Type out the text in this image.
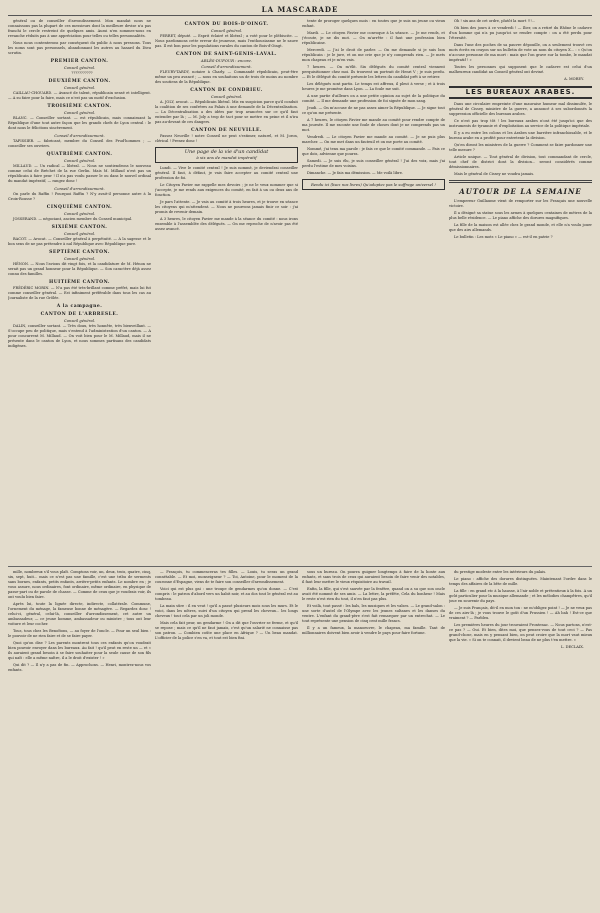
LA MASCARADE

général ou de conseiller d'arrondissement. Mon mandat nous ne connaissons pas la plupart de ces messieurs dont la meilleure devise n'a pas franchi le cercle restreint de quelques amis. Aussi n'en sommes-nous en revanche réduits pas à une appréciation pour telles ou telles personnalités.

Nous nous contenterons par conséquent du public à nous pressons. Tous les noms sont pas personnels, abandonnant les autres au hasard du Dieu scrutin.

PREMIER CANTON.
Conseil général.

???????????

DEUXIÈME CANTON.
Conseil général.

CAILLAU-CHOUARD. — Avancé de talent, républicain sensé et intelligent. — A su faire pour la faire, mais ce n'est pas un motif d'exclusion.

TROISIÈME CANTON.
Conseil général.

BLANC. — Conseiller sortant. — est républicain, mais connaissant la République d'une tout autre façon que les grands chefs de Lyon central : le dont nous le félicitons sincèrement.

Conseil d'arrondissement.

TAPISSIER. — fabricant, membre du Conseil des Prud'hommes ; — conseiller ses ouvriers.

QUATRIÈME CANTON.
Conseil général.

MILLAUD. — Un radical — libéral. — Nous ne soutiendrons le nouveau comme celui de Bréchet de la rue Gerlin. Mais M. Millaud n'est pas un républicain à faire peur ! Il n'a pas voulu passer le ou dans le nouvel ordinal du mandat impératif, — rangez donc !

Conseil d'arrondissement.

On parle du Raffin ! Pourquoi Raffin ? N'y avait-il personne autre à la Croix-Rousse ?

CINQUIÈME CANTON.
Conseil général.

JOSSERAND. — négociant, ancien membre du Conseil municipal.

SIXIÈME CANTON.
Conseil général.

BACOT. — Avocat. — Conseiller général à perpétuité. — A la sagesse et le bon sens de ne pas prétendre à nul République avec République pure.

SEPTIÈME CANTON.
Conseil général.

HÉNON. — Nous l'avions dit vingt fois, et la candidature de M. Hénon ne serait pas un grand honneur pour la République. — Son caractère déjà assez connu des familles.

HUITIÈME CANTON.

FRÉDÉRIC MORIN. — N'a pas été très-brillant comme préfet, mais lui fut comme conseiller général. — Est infiniment préférable dans tous les cas au Journaliste de la rue Grôlée.

A la campagne.
CANTON DE L'ARBRESLE.
Conseil général.

DALIN, conseiller sortant. — Très doux, très honnête, très bienveillant. — S'occupe peu de politique, mais s'entend à l'administration d'un canton. — A pour concurrent M. Millaud. — On voit bien pour le M. Millaud, mais il ne présente dans le canton de Lyon, et nous sommes partisans des candidats indigènes.

CANTON DU BOIS-D'OINGT.
Conseil général.

PERRET, député. — Esprit éclairé et libéral ; a voté pour le plébiscite. — Nous pardonnons cette erreur de jeunesse, mais l'enthousiasme ne le sauve pas. Il est bon pour les populations rurales du canton de Bois-d'Oingt.

CANTON DE SAINT-GENIS-LAVAL.
ARLÈS-DUFOUR : encore.
Conseil d'arrondissement.

FLEURY-TARDY, notaire à Charly. — Commandé républicain, peut-être même un peu avancé ; — nous en souhaitons un de trois de moins au nombre des soutiens de la République.

CANTON DE CONDRIEU.
Conseil général.

A. JOLY, avocat. — Républicain libéral. Mis en suspicion parce qu'il conduit la coalition de ses confrères au Palais à une demande de la Décentralisation. — La Décentralisation a des idées par trop avancées sur ce qu'il faut entendre par là ; — M. Joly a trop de tact pour se mettre en peine et il n'ira pas au-devant de ces dangers.

CANTON DE NEUVILLE.

Passez Neuville ! notre Conseil ne peut s'estimer, naturel, et M. Joron, clérical ! Prenez donc !

Une page de la vie d'un candidat
à six ans de mandat impératif

Lundi. — Vive le comité central ! Je suis nommé, je deviendrai conseiller général. Il faut, à défaut, je vais faire accepter au comité central une profession de foi.

Le Citoyen Favier me rappelle mes devoirs ; je ne le veux nommer que si j'accepte, je me rends aux exigences du comité, en fait à un ou deux ans de fonction.

Je pars l'attente. — Je vais au comité à trois heures, et je trouve en séance les citoyens qui m'attendent. — Nous ne pourrons jamais finir ce soir : j'ai promis de revenir demain.

A 3 heures, le citoyen Favier me mande à la séance du comité : nous irons ensemble à l'assemblée des délégués. — On me reproche de n'avoir pas été assez avancé.

tente de proroger quelques mois : en toutes que je suis un jeune ou vieux enfant.

Mardi. — Le citoyen Favier me convoque à la séance. — Je me rends, et j'écoute, je ne dis mot. — On m'arrête : il faut une profession bien républicaine.

Mercredi. — J'ai le droit de parler. — On me demande si je suis bon républicain : je le jure, et on me crie que je n'y comprends rien. — Je mets mon chapeau et je m'en vais.

7 heures. — On m'élit. Six délégués du comité central viennent perquisitionner chez moi. Ils trouvent un portrait de Henri V ; je suis perdu. — Et le délégué du comité présente les lettres du candidat prêt à se retirer.

Les délégués sont partis. Le temps est affreux, il pleut à verse ; et à trois heures je me promène dans Lyon. — La foule me suit.

A une partie d'ailleurs on a une petite opinion au sujet de la politique du comité. — Il me demande une profession de foi signée de mon sang.

Jeudi. — On m'accuse de ne pas assez aimer la République. — Je signe tout ce qu'on me présente.

A 7 heures, le citoyen Favier me mande au comité pour rendre compte de ma journée. Il me raconte une foule de choses dont je ne comprends pas un mot.

Vendredi. — Le citoyen Favier me mande au comité. — Je ne puis plus marcher. — On me met dans un fauteuil et on me porte au comité.

Nommé, j'ai tenu ma parole : je fais ce que le comité commande. — Fais ce que dois, advienne que pourra.

Samedi. — Je suis élu, je suis conseiller général ! J'ai des voix, mais j'ai perdu l'estime de mes voisins.

Dimanche. — Je fais ma démission. — Me voilà libre.

Rendu ici (lisez nos livres) Qu'adoptez pas le suffrage universel !

Oh ! six ans de cet ordre, plutôt la mort !!!...

Où bien des jours à ce vendredi ! — Ilier, on a retiré du Rhône le cadavre d'un homme qui n'a pu jusqu'ici se rendre compte : on a été perdu pour l'éternité.

Dans l'une des poches de sa pauvre dépouille, on a seulement trouvé ces mots écrits en crayon sur un bulletin de vote au nom du citoyen X... : « Qu'on n'accuse personne de ma mort : mais que l'on grave sur la tombe, le mandat impératif ! »

Toutes les personnes qui supposent que le cadavre est celui d'un malheureux candidat au Conseil général ont deviné.

A. MOREY.
LES BUREAUX ARABES.

Dans une circulaire empreinte d'une mauvaise humeur mal dissimulée, le général de Cissey, ministre de la guerre, a annoncé à ses subordonnés la suppression officielle des bureaux arabes.

Ce n'est pas trop tôt ! les bureaux arabes n'ont été jusqu'ici que des instruments de tyrannie et d'exploitation au service de la politique impériale.

Il y a eu entre les colons et les Arabes une barrière infranchissable, et le bureau arabe en a profité pour entretenir la division.

Qu'en diront les ministres de la guerre ? Comment se faire pardonner une telle mesure ?

Article unique. — Tout général de division, tout commandant de cercle, tout chef de district dont la division... seront considérés comme démissionnaires.

Mais le général de Cissey ne voudra jamais.

AUTOUR DE LA SEMAINE

L'empereur Guillaume vient de remporter sur les Français une nouvelle victoire.

Il a désigné sa statue sous les armes à quelques centaines de mètres de la plus belle résidence. — Le piano affiche des dorures magnifiques.

La fille de la maison est allée chez le grand monde, et elle n'a voulu jouer que des airs allemands.

Le bulletin : Les mots « Le piano » — est-il en patrie ?

mille, nombreux s'il vous plaît. Comptons voir, un, deux, trois, quatre, cinq, six, sept, huit... mais ce n'est pas une famille, c'est une tribu de serments sans bornes, enfants, petits enfants, arrière-petits enfants. Le nombre en ; je vous assure, nous ordinaires, font ordinaire, même ordinaire, en physique de passe-part ou de parole de chasse. — Comme de ceux que je voudrais voir, ils ont voulu bien faire.

Après lui, toute la lignée directe, indirecte, collatérale. Commune, l'ornement du ménage, la fameuse bonne de ménagère. — Regardez donc ! celui-ci, général, celui-là, conseiller d'arrondissement, cet autre un ambassadeur, — ce jeune homme, ambassadeur ou ministre ; tous ont leur voiture et leur cocher.

Tous, tous chez les Benoîtons, — au foyer de l'oncle. — Pour un seul bien : le pouvoir de ne rien faire et de se faire payer.

Quoi qu'on dise ? Les parents montrent tous ces enfants qu'on voudrait bien pouvoir envoyer dans les bureaux. Au fait ! qu'il peut en reste un — et « ils auraient grand besoin à se faire souhaiter pour la seule cause de son fils qui naît : elle a même naître, il a le droit d'exister ! »

Qui dit ? — Il n'y a pas de fin. — Approchons. — Henri, montrez-nous vos enfants.

— François, tu commenceras tes filles. — Louis, tu seras un grand connétable. — Et moi, monseigneur ? — Toi, Antoine, pour le moment de la couronne d'Espagne, viens de te faire son conseiller d'arrondissement.

Voici qui est plus gai : une troupe de gendarmes qu'on donne. — C'est compris : le patron d'abord vers un habit noir, et au dos tout le général est au tombeau.

La main sûre : il en veut ! qu'il a passé plusieurs mois sous les murs. Et le voici, dans les nôtres, suivi d'un citoyen qui prend les cheveux... les longs cheveux ! tout cela par un joli monde.

Mais cela fait peur, un gendarme ! On a dit que l'ouvrier se ferme, et qu'il se repose ; mais ce qu'il ne faut jamais, c'est qu'un salarié ne connaisse pas son patron. — Combien coûte une place en Afrique ? — Un beau mandat. L'officier de la police s'en va, et tout est bien fini.

sous un bureau. On pourra guigner longtemps à faire de la honte aux enfants, et sans trois de ceux qui auraient besoin de faire venir des notables, il faut leur mettre le vieux réquisitoire au travail.

Enfin, la fille, qui s'est sauvée par la fenêtre, quand on a su que son oncle avait été nommé de ses amis. — La lettre, la préfète, Cela du bonheur ! Mais le reste n'est rien du tout, il n'en faut pas plus.

Et voilà, tout passé : les bals, les musiques et les valses. — Le grand-salon : une sorte d'autel de l'Olympe avec les jeunes sultanes et les danses du ventre. L'enfant du grand-père s'est fait remarquer par un entrechat. — Le tout représente une pension de cinq cent mille francs.

Il y a un fameux, la manoeuvre, le chapeau, ma famille. Tant de millionnaires doivent bien avoir à vendre le pays pour faire fortune.

du prestige modeste entre les intérieurs du palais.

Le piano : affiche des dorures distinguées. Maintenant l'ordre dans le temps des affaires de la bête de mille.

La fille : en grand etc à la hausse, à l'air noble et prétentieux à la fois. A un goût particulier pour la musique allemande ; et les mélodies champêtres, qu'il joue en souvenir du pays.

— Je suis Français, dit-il en mon ton : ne m'obligez point ! — Je ne veux pas de ces airs-là ; je vous trouve le goût d'un Prussien ! — Ah bah ! Est-ce que vraiment ? — Parbleu.

Les premières heures du jour trouvaient Frontenac. — Nous partons, n'est-ce pas ? — Oui. Et bien, dites moi, que pensez-vous de tout ceci ? — Pas grand-chose, mais en y pensant bien, on peut croire que la mort vaut mieux que la vie. « Si on te connait, il devient beau de ne plus t'en mettre. »

L. DECLAIX.
